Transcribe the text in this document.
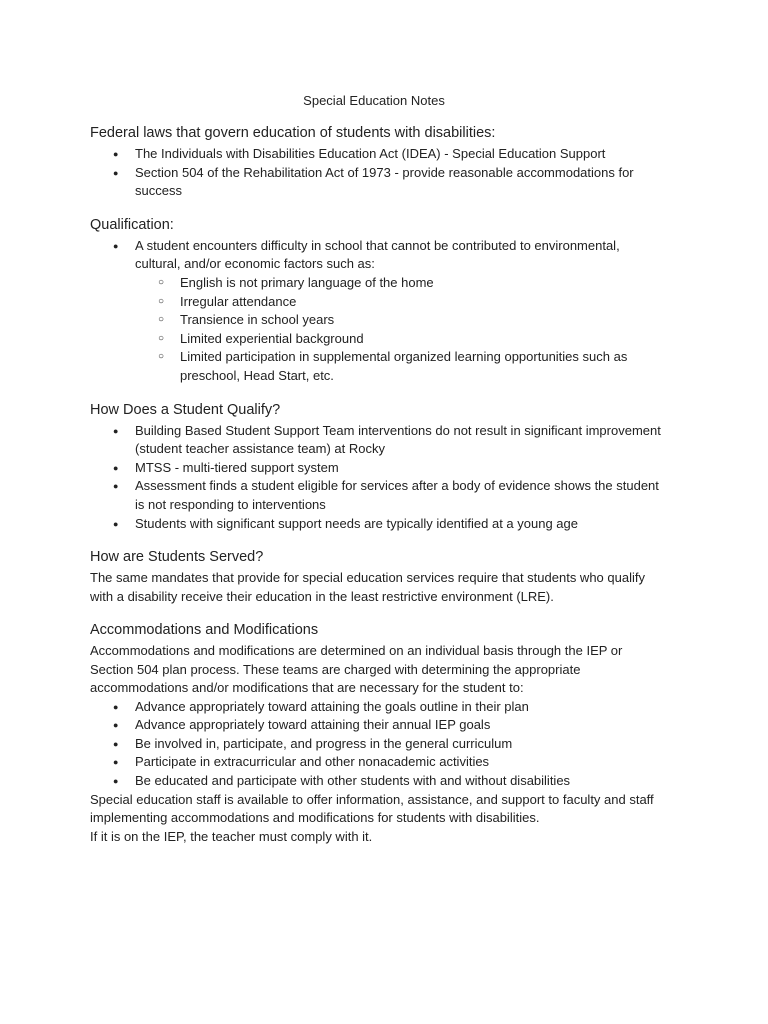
Special Education Notes
Federal laws that govern education of students with disabilities:
● The Individuals with Disabilities Education Act (IDEA) - Special Education Support
● Section 504 of the Rehabilitation Act of 1973 - provide reasonable accommodations for success
Qualification:
● A student encounters difficulty in school that cannot be contributed to environmental, cultural, and/or economic factors such as:
○ English is not primary language of the home
○ Irregular attendance
○ Transience in school years
○ Limited experiential background
○ Limited participation in supplemental organized learning opportunities such as preschool, Head Start, etc.
How Does a Student Qualify?
● Building Based Student Support Team interventions do not result in significant improvement (student teacher assistance team) at Rocky
● MTSS - multi-tiered support system
● Assessment finds a student eligible for services after a body of evidence shows the student is not responding to interventions
● Students with significant support needs are typically identified at a young age
How are Students Served?

The same mandates that provide for special education services require that students who qualify with a disability receive their education in the least restrictive environment (LRE).

Accommodations and Modifications

Accommodations and modifications are determined on an individual basis through the IEP or Section 504 plan process. These teams are charged with determining the appropriate accommodations and/or modifications that are necessary for the student to:

● Advance appropriately toward attaining the goals outline in their plan
● Advance appropriately toward attaining their annual IEP goals
● Be involved in, participate, and progress in the general curriculum
● Participate in extracurricular and other nonacademic activities
● Be educated and participate with other students with and without disabilities

Special education staff is available to offer information, assistance, and support to faculty and staff implementing accommodations and modifications for students with disabilities.

If it is on the IEP, the teacher must comply with it.
